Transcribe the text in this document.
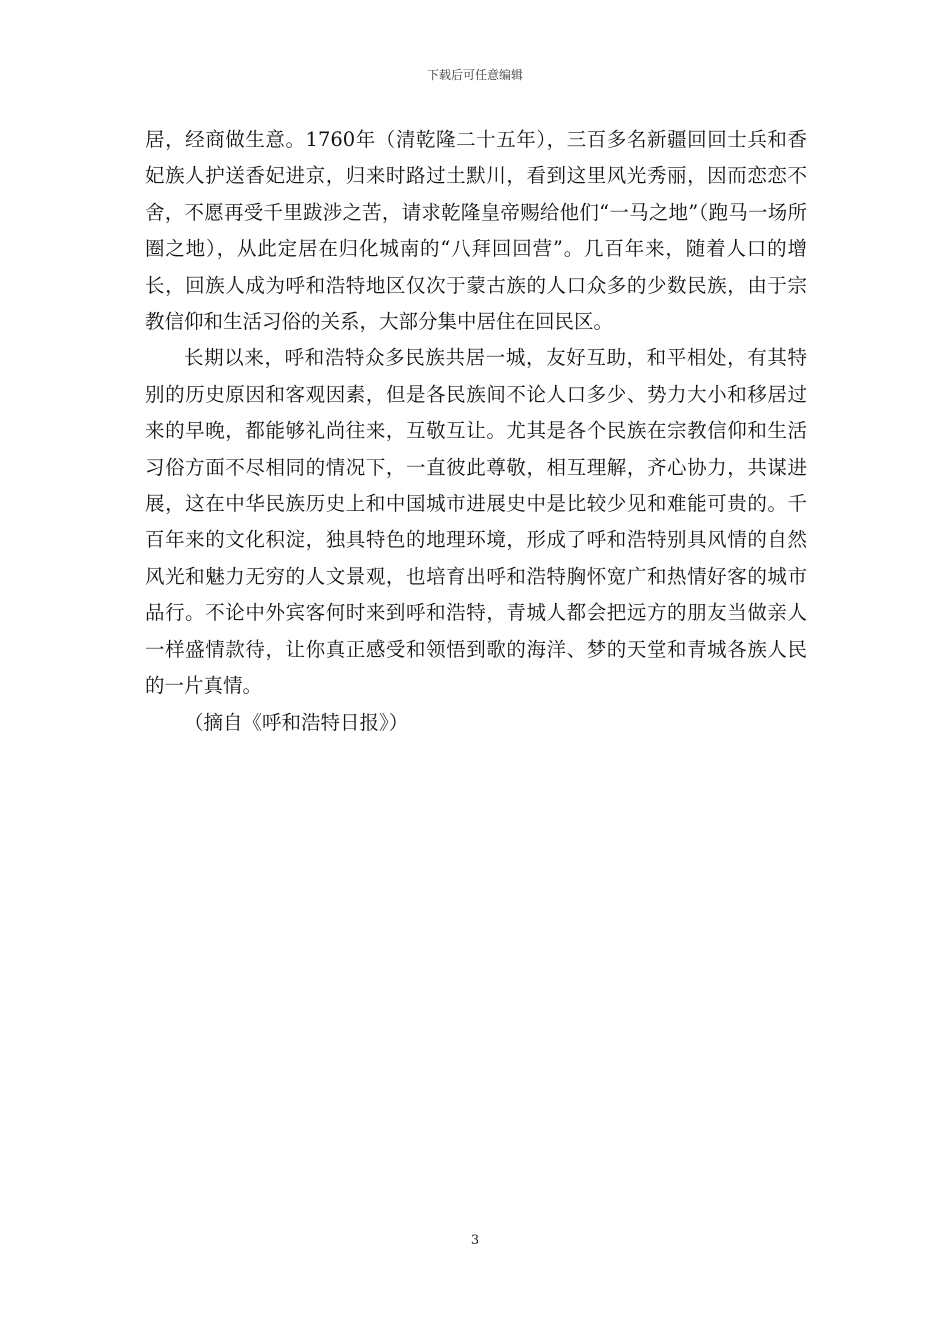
下载后可任意编辑

居，经商做生意。1760年（清乾隆二十五年），三百多名新疆回回士兵和香妃族人护送香妃进京，归来时路过土默川，看到这里风光秀丽，因而恋恋不舍，不愿再受千里跋涉之苦，请求乾隆皇帝赐给他们“一马之地”（跑马一场所圈之地），从此定居在归化城南的“八拜回回营”。几百年来，随着人口的增长，回族人成为呼和浩特地区仅次于蒙古族的人口众多的少数民族，由于宗教信仰和生活习俗的关系，大部分集中居住在回民区。

长期以来，呼和浩特众多民族共居一城，友好互助，和平相处，有其特别的历史原因和客观因素，但是各民族间不论人口多少、势力大小和移居过来的早晚，都能够礼尚往来，互敬互让。尤其是各个民族在宗教信仰和生活习俗方面不尽相同的情况下，一直彼此尊敬，相互理解，齐心协力，共谋进展，这在中华民族历史上和中国城市进展史中是比较少见和难能可贵的。千百年来的文化积淀，独具特色的地理环境，形成了呼和浩特别具风情的自然风光和魅力无穷的人文景观，也培育出呼和浩特胸怀宽广和热情好客的城市品行。不论中外宾客何时来到呼和浩特，青城人都会把远方的朋友当做亲人一样盛情款待，让你真正感受和领悟到歌的海洋、梦的天堂和青城各族人民的一片真情。

（摘自《呼和浩特日报》）

3
